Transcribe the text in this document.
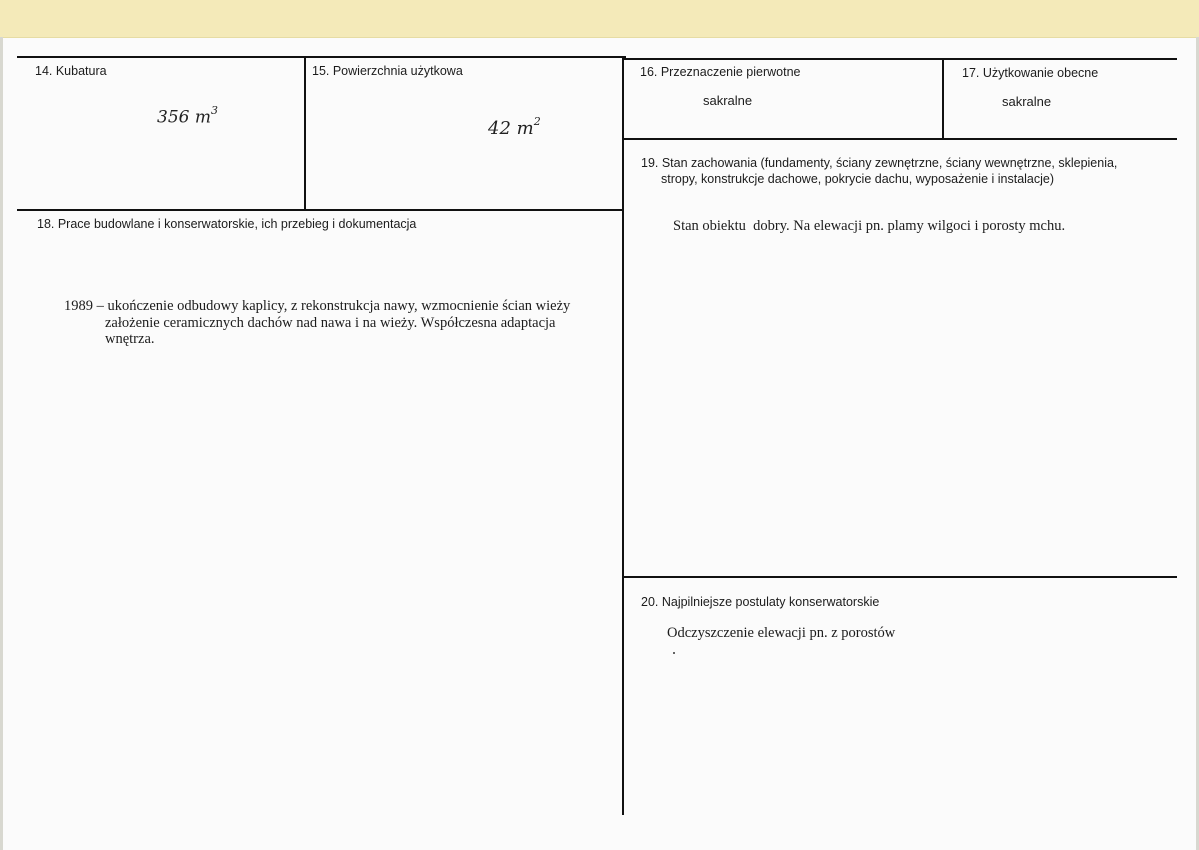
14. Kubatura
356 $m^3$
15. Powierzchnia użytkowa
42 $m^2$
16. Przeznaczenie pierwotne
sakralne
17. Użytkowanie obecne
sakralne
18. Prace budowlane i konserwatorskie, ich przebieg i dokumentacja
1989 – ukończenie odbudowy kaplicy, z rekonstrukcja nawy, wzmocnienie ścian wieży
założenie ceramicznych dachów nad nawa i na wieży. Współczesna adaptacja
wnętrza.
19. Stan zachowania (fundamenty, ściany zewnętrzne, ściany wewnętrzne, sklepienia,
stropy, konstrukcje dachowe, pokrycie dachu, wyposażenie i instalacje)
Stan obiektu  dobry. Na elewacji pn. plamy wilgoci i porosty mchu.
20. Najpilniejsze postulaty konserwatorskie
Odczyszczenie elewacji pn. z porostów
